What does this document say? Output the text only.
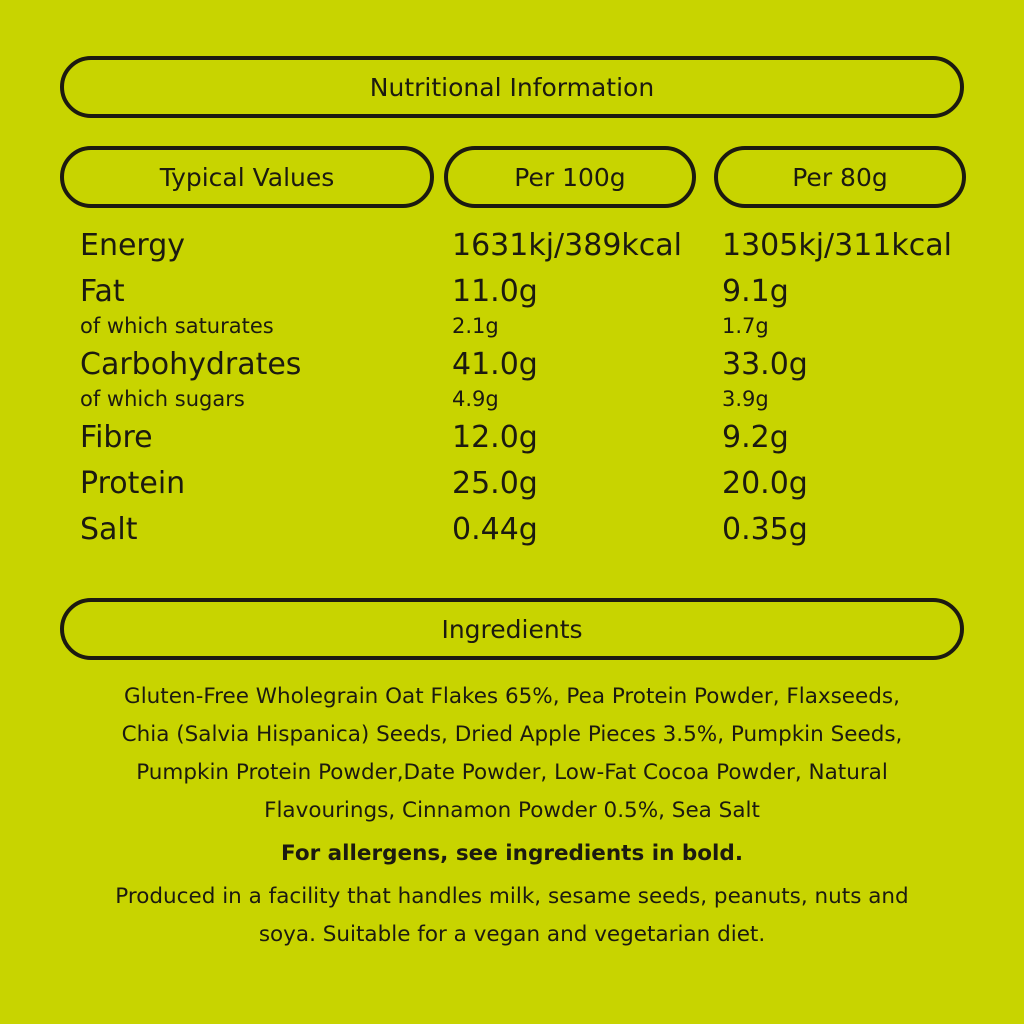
Nutritional Information
Typical Values	Per 100g	Per 80g
Energy	1631kj/389kcal 1305kj/311kcal
Fat	11.0g	9.1g
of which saturates	2.1g	1.7g
Carbohydrates	41.0g	33.0g
of which sugars	4.9g	3.9g
Fibre	12.0g	9.2g
Protein	25.0g	20.0g
Salt	0.44g	0.35g
Ingredients
Gluten-Free Wholegrain Oat Flakes 65%, Pea Protein Powder, Flaxseeds,
Chia (Salvia Hispanica) Seeds, Dried Apple Pieces 3.5%, Pumpkin Seeds,
Pumpkin Protein Powder,Date Powder, Low-Fat Cocoa Powder, Natural
Flavourings, Cinnamon Powder 0.5%, Sea Salt
For allergens, see ingredients in bold.
Produced in a facility that handles milk, sesame seeds, peanuts, nuts and
soya. Suitable for a vegan and vegetarian diet.
